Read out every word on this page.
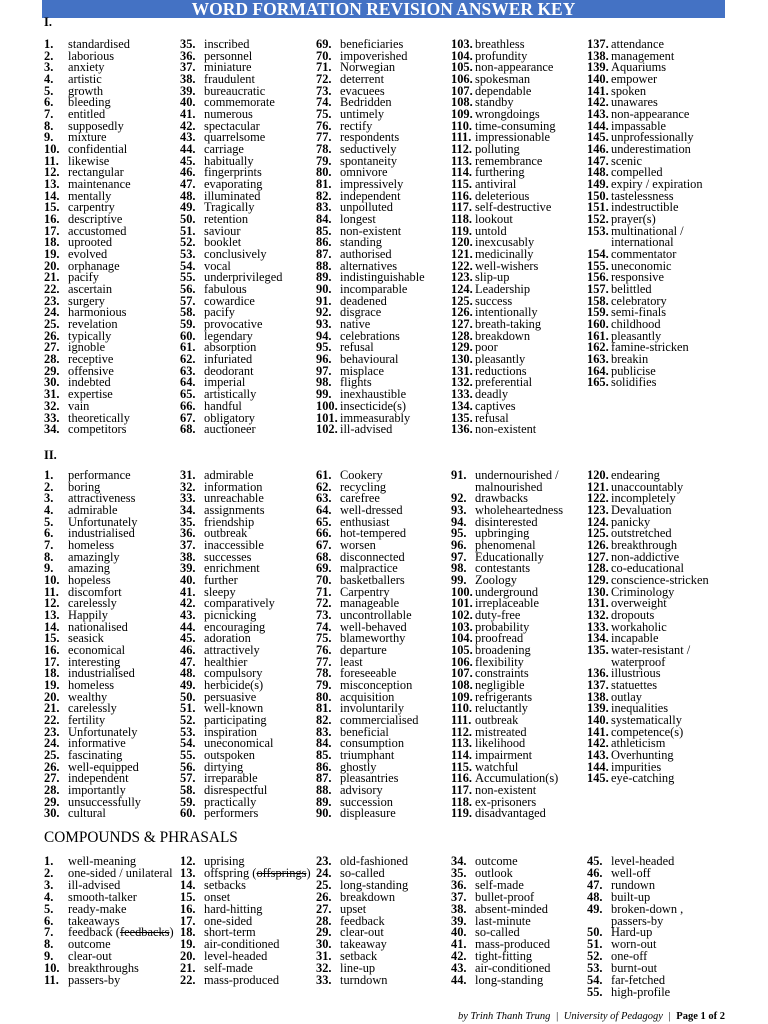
WORD FORMATION REVISION ANSWER KEY
I.
1.	standardised
2.	laborious
3.	anxiety
4.	artistic
5.	growth
6.	bleeding
7.	entitled
8.	supposedly
9.	mixture
10. confidential
11. likewise
12. rectangular
13. maintenance
14. mentally
15. carpentry
16. descriptive
17. accustomed
18. uprooted
19. evolved
20. orphanage
21. pacify
22. ascertain
23. surgery
24. harmonious
25. revelation
26. typically
27. ignoble
28. receptive
29. offensive
30. indebted
31. expertise
32. vain
33. theoretically
34. competitors
35. inscribed
36. personnel
37. miniature
38. fraudulent
39. bureaucratic
40. commemorate
41. numerous
42. spectacular
43. quarrelsome
44. carriage
45. habitually
46. fingerprints
47. evaporating
48. illuminated
49. Tragically
50. retention
51. saviour
52. booklet
53. conclusively
54. vocal
55. underprivileged
56. fabulous
57. cowardice
58. pacify
59. provocative
60. legendary
61. absorption
62. infuriated
63. deodorant
64. imperial
65. artistically
66. handful
67. obligatory
68. auctioneer
69. beneficiaries
70. impoverished
71. Norwegian
72. deterrent
73. evacuees
74. Bedridden
75. untimely
76. rectify
77. respondents
78. seductively
79. spontaneity
80. omnivore
81. impressively
82. independent
83. unpolluted
84. longest
85. non-existent
86. standing
87. authorised
88. alternatives
89. indistinguishable
90. incomparable
91. deadened
92. disgrace
93. native
94. celebrations
95. refusal
96. behavioural
97. misplace
98. flights
99. inexhaustible
100. insecticide(s)
101. immeasurably
102. ill-advised
103. breathless
104. profundity
105. non-appearance
106. spokesman
107. dependable
108. standby
109. wrongdoings
110. time-consuming
111. impressionable
112. polluting
113. remembrance
114. furthering
115. antiviral
116. deleterious
117. self-destructive
118. lookout
119. untold
120. inexcusably
121. medicinally
122. well-wishers
123. slip-up
124. Leadership
125. success
126. intentionally
127. breath-taking
128. breakdown
129. poor
130. pleasantly
131. reductions
132. preferential
133. deadly
134. captives
135. refusal
136. non-existent
137. attendance
138. management
139. Aquariums
140. empower
141. spoken
142. unawares
143. non-appearance
144. impassable
145. unprofessionally
146. underestimation
147. scenic
148. compelled
149. expiry / expiration
150. tastelessness
151. indestructible
152. prayer(s)
153. multinational /
international
154. commentator
155. uneconomic
156. responsive
157. belittled
158. celebratory
159. semi-finals
160. childhood
161. pleasantly
162. famine-stricken
163. breakin
164. publicise
165. solidifies
II.
1.	performance
2.	boring
3.	attractiveness
4.	admirable
5.	Unfortunately
6.	industrialised
7.	homeless
8.	amazingly
9.	amazing
10. hopeless
11. discomfort
12. carelessly
13. Happily
14. nationalised
15. seasick
16. economical
17. interesting
18. industrialised
19. homeless
20. wealthy
21. carelessly
22. fertility
23. Unfortunately
24. informative
25. fascinating
26. well-equipped
27. independent
28. importantly
29. unsuccessfully
30. cultural
31. admirable
32. information
33. unreachable
34. assignments
35. friendship
36. outbreak
37. inaccessible
38. successes
39. enrichment
40. further
41. sleepy
42. comparatively
43. picnicking
44. encouraging
45. adoration
46. attractively
47. healthier
48. compulsory
49. herbicide(s)
50. persuasive
51. well-known
52. participating
53. inspiration
54. uneconomical
55. outspoken
56. dirtying
57. irreparable
58. disrespectful
59. practically
60. performers
61. Cookery
62. recycling
63. carefree
64. well-dressed
65. enthusiast
66. hot-tempered
67. worsen
68. disconnected
69. malpractice
70. basketballers
71. Carpentry
72. manageable
73. uncontrollable
74. well-behaved
75. blameworthy
76. departure
77. least
78. foreseeable
79. misconception
80. acquisition
81. involuntarily
82. commercialised
83. beneficial
84. consumption
85. triumphant
86. ghostly
87. pleasantries
88. advisory
89. succession
90. displeasure
91. undernourished /
malnourished
92. drawbacks
93. wholeheartedness
94. disinterested
95. upbringing
96. phenomenal
97. Educationally
98. contestants
99. Zoology
100. underground
101. irreplaceable
102. duty-free
103. probability
104. proofread
105. broadening
106. flexibility
107. constraints
108. negligible
109. refrigerants
110. reluctantly
111. outbreak
112. mistreated
113. likelihood
114. impairment
115. watchful
116. Accumulation(s)
117. non-existent
118. ex-prisoners
119. disadvantaged
120. endearing
121. unaccountably
122. incompletely
123. Devaluation
124. panicky
125. outstretched
126. breakthrough
127. non-addictive
128. co-educational
129. conscience-stricken
130. Criminology
131. overweight
132. dropouts
133. workaholic
134. incapable
135. water-resistant /
waterproof
136. illustrious
137. statuettes
138. outlay
139. inequalities
140. systematically
141. competence(s)
142. athleticism
143. Overhunting
144. impurities
145. eye-catching
COMPOUNDS & PHRASALS
1.	well-meaning
2.	one-sided / unilateral
3.	ill-advised
4.	smooth-talker
5.	ready-make
6.	takeaways
7.	feedback (feedbacks)
8.	outcome
9.	clear-out
10. breakthroughs
11. passers-by
12. uprising
13. offspring (offsprings)
14. setbacks
15. onset
16. hard-hitting
17. one-sided
18. short-term
19. air-conditioned
20. level-headed
21. self-made
22. mass-produced
23. old-fashioned
24. so-called
25. long-standing
26. breakdown
27. upset
28. feedback
29. clear-out
30. takeaway
31. setback
32. line-up
33. turndown
34. outcome
35. outlook
36. self-made
37. bullet-proof
38. absent-minded
39. last-minute
40. so-called
41. mass-produced
42. tight-fitting
43. air-conditioned
44. long-standing
45. level-headed
46. well-off
47. rundown
48. built-up
49. broken-down ,
passers-by
50. Hard-up
51. worn-out
52. one-off
53. burnt-out
54. far-fetched
55. high-profile
by Trinh Thanh Trung | University of Pedagogy | Page 1 of 2
